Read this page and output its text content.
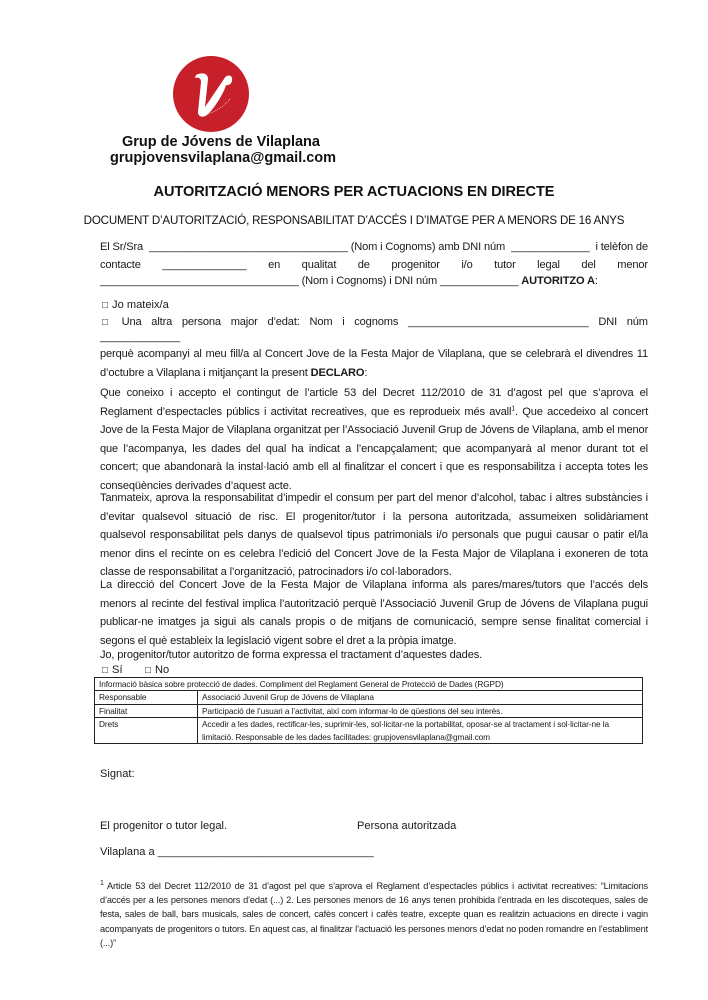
Grup de Jóvens de Vilaplana
grupjovensvilaplana@gmail.com
AUTORITZACIÓ MENORS PER ACTUACIONS EN DIRECTE
DOCUMENT D’AUTORITZACIÓ, RESPONSABILITAT D’ACCÉS I D’IMATGE PER A MENORS DE 16 ANYS
El Sr/Sra _________________________________ (Nom i Cognoms) amb DNI núm _____________ i telèfon de
contacte ______________ en qualitat de progenitor i/o tutor legal del menor
_________________________________ (Nom i Cognoms) i DNI núm _____________ AUTORITZO A:
□ Jo mateix/a
□ Una altra persona major d’edat: Nom i cognoms ______________________________ DNI núm
_____________
perquè acompanyi al meu fill/a al Concert Jove de la Festa Major de Vilaplana, que se celebrarà el divendres 11
d’octubre a Vilaplana i mitjançant la present DECLARO:
Que coneixo i accepto el contingut de l’article 53 del Decret 112/2010 de 31 d’agost pel que s’aprova el
Reglament d’espectacles públics i activitat recreatives, que es reprodueix més avall$^1$. Que accedeixo al concert
Jove de la Festa Major de Vilaplana organitzat per l’Associació Juvenil Grup de Jóvens de Vilaplana, amb el menor
que l’acompanya, les dades del qual ha indicat a l’encapçalament; que acompanyarà al menor durant tot el
concert; que abandonarà la instal·lació amb ell al finalitzar el concert i que es responsabilitza i accepta totes les
conseqüències derivades d’aquest acte.
Tanmateix, aprova la responsabilitat d’impedir el consum per part del menor d’alcohol, tabac i altres substàncies i
d’evitar qualsevol situació de risc. El progenitor/tutor i la persona autoritzada, assumeixen solidàriament
qualsevol responsabilitat pels danys de qualsevol tipus patrimonials i/o personals que pugui causar o patir el/la
menor dins el recinte on es celebra l’edició del Concert Jove de la Festa Major de Vilaplana i exoneren de tota
classe de responsabilitat a l’organització, patrocinadors i/o col·laboradors.
La direcció del Concert Jove de la Festa Major de Vilaplana informa als pares/mares/tutors que l’accés dels
menors al recinte del festival implica l’autorització perquè l’Associació Juvenil Grup de Jóvens de Vilaplana pugui
publicar-ne imatges ja sigui als canals propis o de mitjans de comunicació, sempre sense finalitat comercial i
segons el què estableix la legislació vigent sobre el dret a la pròpia imatge.
Jo, progenitor/tutor autoritzo de forma expressa el tractament d’aquestes dades.
□ Sí □ No
Informació bàsica sobre protecció de dades. Compliment del Reglament General de Protecció de Dades (RGPD)	
Responsable	Associació Juvenil Grup de Jóvens de Vilaplana
Finalitat	Participació de l’usuari a l’activitat, així com informar-lo de qüestions del seu interès.
Drets	Accedir a les dades, rectificar-les, suprimir-les, sol·licitar-ne la portabilitat, oposar-se al tractament i sol·licitar-ne la limitació. Responsable de les dades facilitades: grupjovensvilaplana@gmail.com
Signat:
El progenitor o tutor legal.	Persona autoritzada
Vilaplana a ___________________________________
$^1$ Article 53 del Decret 112/2010 de 31 d’agost pel que s’aprova el Reglament d’espectacles públics i activitat recreatives: “Limitacions d’accés per a les persones menors d’edat (...) 2. Les persones menors de 16 anys tenen prohibida l’entrada en les discoteques, sales de festa, sales de ball, bars musicals, sales de concert, cafès concert i cafès teatre, excepte quan es realitzin actuacions en directe i vagin acompanyats de progenitors o tutors. En aquest cas, al finalitzar l’actuació les persones menors d’edat no poden romandre en l’establiment (...)”
